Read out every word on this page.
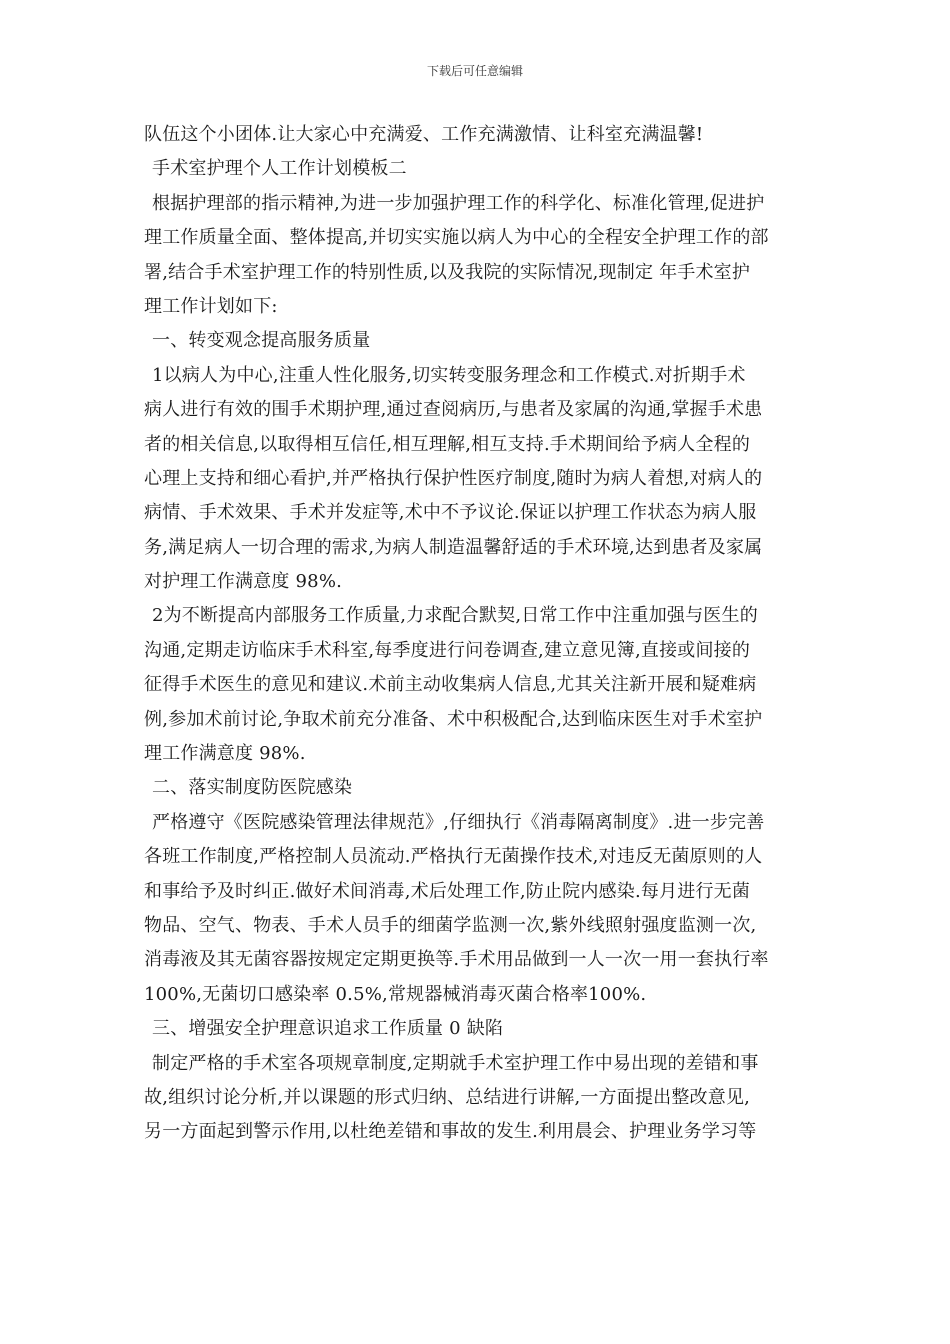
下载后可任意编辑
队伍这个小团体.让大家心中充满爱、工作充满激情、让科室充满温馨!
手术室护理个人工作计划模板二
根据护理部的指示精神,为进一步加强护理工作的科学化、标准化管理,促进护
理工作质量全面、整体提高,并切实实施以病人为中心的全程安全护理工作的部
署,结合手术室护理工作的特别性质,以及我院的实际情况,现制定 年手术室护
理工作计划如下:
一、转变观念提高服务质量
1以病人为中心,注重人性化服务,切实转变服务理念和工作模式.对折期手术
病人进行有效的围手术期护理,通过查阅病历,与患者及家属的沟通,掌握手术患
者的相关信息,以取得相互信任,相互理解,相互支持.手术期间给予病人全程的
心理上支持和细心看护,并严格执行保护性医疗制度,随时为病人着想,对病人的
病情、手术效果、手术并发症等,术中不予议论.保证以护理工作状态为病人服
务,满足病人一切合理的需求,为病人制造温馨舒适的手术环境,达到患者及家属
对护理工作满意度 98%.
2为不断提高内部服务工作质量,力求配合默契,日常工作中注重加强与医生的
沟通,定期走访临床手术科室,每季度进行问卷调查,建立意见簿,直接或间接的
征得手术医生的意见和建议.术前主动收集病人信息,尤其关注新开展和疑难病
例,参加术前讨论,争取术前充分准备、术中积极配合,达到临床医生对手术室护
理工作满意度 98%.
二、落实制度防医院感染
严格遵守《医院感染管理法律规范》,仔细执行《消毒隔离制度》.进一步完善
各班工作制度,严格控制人员流动.严格执行无菌操作技术,对违反无菌原则的人
和事给予及时纠正.做好术间消毒,术后处理工作,防止院内感染.每月进行无菌
物品、空气、物表、手术人员手的细菌学监测一次,紫外线照射强度监测一次,
消毒液及其无菌容器按规定定期更换等.手术用品做到一人一次一用一套执行率
100%,无菌切口感染率 0.5%,常规器械消毒灭菌合格率100%.
三、增强安全护理意识追求工作质量 0 缺陷
制定严格的手术室各项规章制度,定期就手术室护理工作中易出现的差错和事
故,组织讨论分析,并以课题的形式归纳、总结进行讲解,一方面提出整改意见,
另一方面起到警示作用,以杜绝差错和事故的发生.利用晨会、护理业务学习等
